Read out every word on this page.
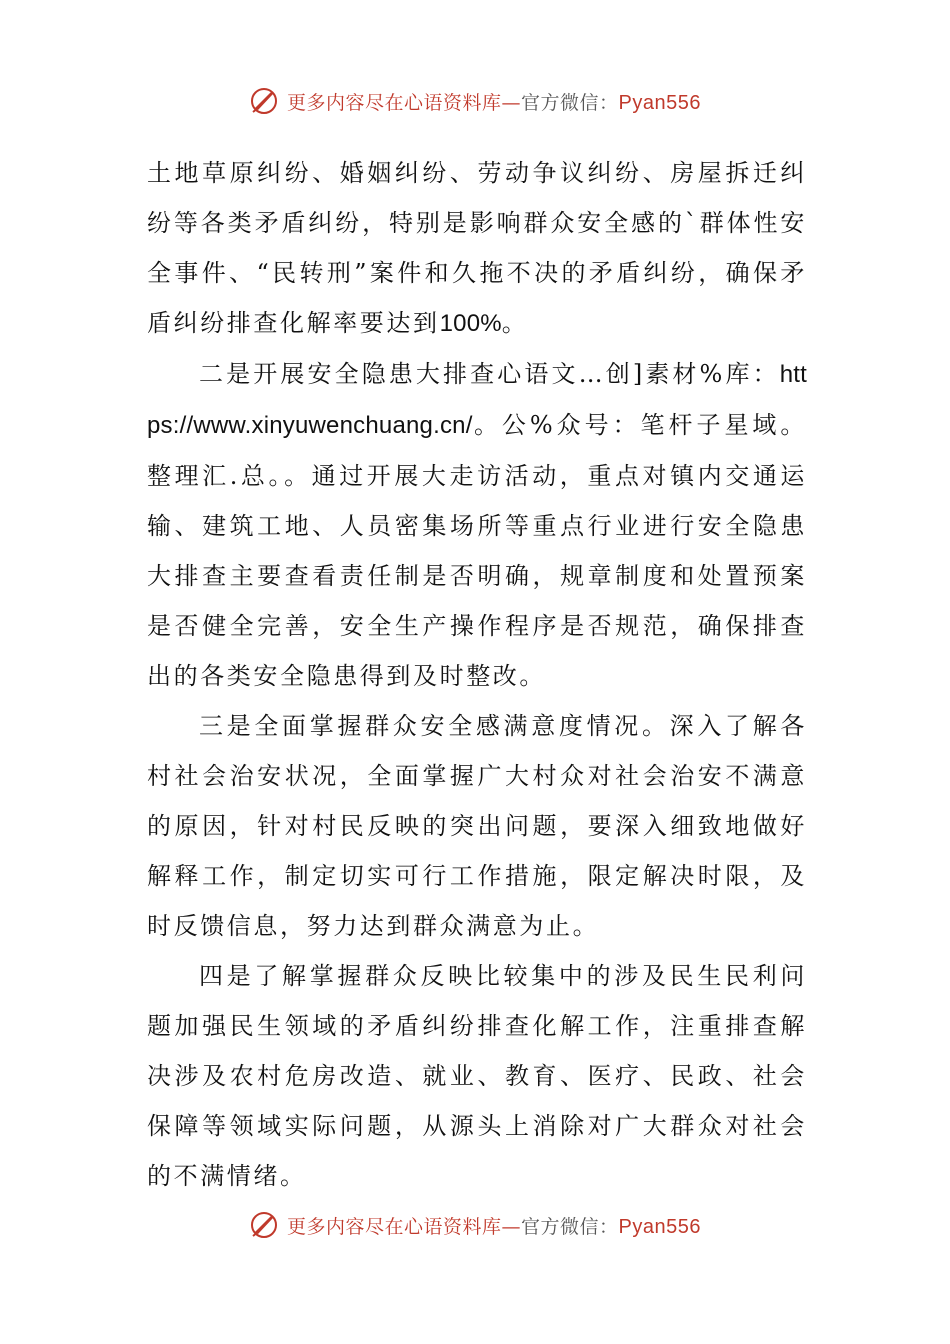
更多内容尽在心语资料库—官方微信：Pyan556

土地草原纠纷、婚姻纠纷、劳动争议纠纷、房屋拆迁纠纷等各类矛盾纠纷，特别是影响群众安全感的`群体性安全事件、“民转刑”案件和久拖不决的矛盾纠纷，确保矛盾纠纷排查化解率要达到100%。

二是开展安全隐患大排查心语文…创]素材%库：https://www.xinyuwenchuang.cn/。公%众号：笔杆子星域。整理汇.总。。通过开展大走访活动，重点对镇内交通运输、建筑工地、人员密集场所等重点行业进行安全隐患大排查主要查看责任制是否明确，规章制度和处置预案是否健全完善，安全生产操作程序是否规范，确保排查出的各类安全隐患得到及时整改。

三是全面掌握群众安全感满意度情况。深入了解各村社会治安状况，全面掌握广大村众对社会治安不满意的原因，针对村民反映的突出问题，要深入细致地做好解释工作，制定切实可行工作措施，限定解决时限，及时反馈信息，努力达到群众满意为止。

四是了解掌握群众反映比较集中的涉及民生民利问题加强民生领域的矛盾纠纷排查化解工作，注重排查解决涉及农村危房改造、就业、教育、医疗、民政、社会保障等领域实际问题，从源头上消除对广大群众对社会的不满情绪。

更多内容尽在心语资料库—官方微信：Pyan556
